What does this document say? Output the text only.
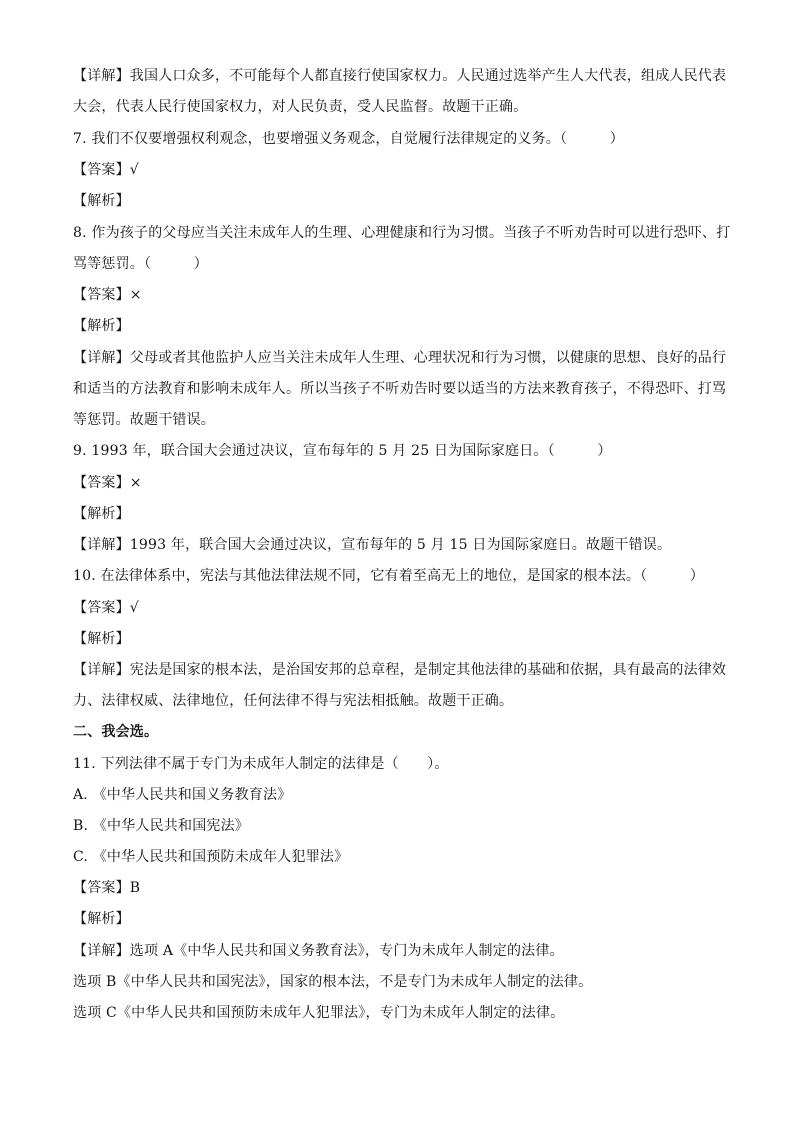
【详解】我国人口众多，不可能每个人都直接行使国家权力。人民通过选举产生人大代表，组成人民代表
大会，代表人民行使国家权力，对人民负责，受人民监督。故题干正确。
7. 我们不仅要增强权利观念，也要增强义务观念，自觉履行法律规定的义务。（　　　）
【答案】√
【解析】
8. 作为孩子的父母应当关注未成年人的生理、心理健康和行为习惯。当孩子不听劝告时可以进行恐吓、打
骂等惩罚。（　　　）
【答案】×
【解析】
【详解】父母或者其他监护人应当关注未成年人生理、心理状况和行为习惯，以健康的思想、良好的品行
和适当的方法教育和影响未成年人。所以当孩子不听劝告时要以适当的方法来教育孩子，不得恐吓、打骂
等惩罚。故题干错误。
9. 1993 年，联合国大会通过决议，宣布每年的 5 月 25 日为国际家庭日。（　　　）
【答案】×
【解析】
【详解】1993 年，联合国大会通过决议，宣布每年的 5 月 15 日为国际家庭日。故题干错误。
10. 在法律体系中，宪法与其他法律法规不同，它有着至高无上的地位，是国家的根本法。（　　　）
【答案】√
【解析】
【详解】宪法是国家的根本法，是治国安邦的总章程，是制定其他法律的基础和依据，具有最高的法律效
力、法律权威、法律地位，任何法律不得与宪法相抵触。故题干正确。
二、我会选。
11. 下列法律不属于专门为未成年人制定的法律是（　　）。
A. 《中华人民共和国义务教育法》
B. 《中华人民共和国宪法》
C. 《中华人民共和国预防未成年人犯罪法》
【答案】B
【解析】
【详解】选项 A《中华人民共和国义务教育法》，专门为未成年人制定的法律。
选项 B《中华人民共和国宪法》，国家的根本法，不是专门为未成年人制定的法律。
选项 C《中华人民共和国预防未成年人犯罪法》，专门为未成年人制定的法律。
